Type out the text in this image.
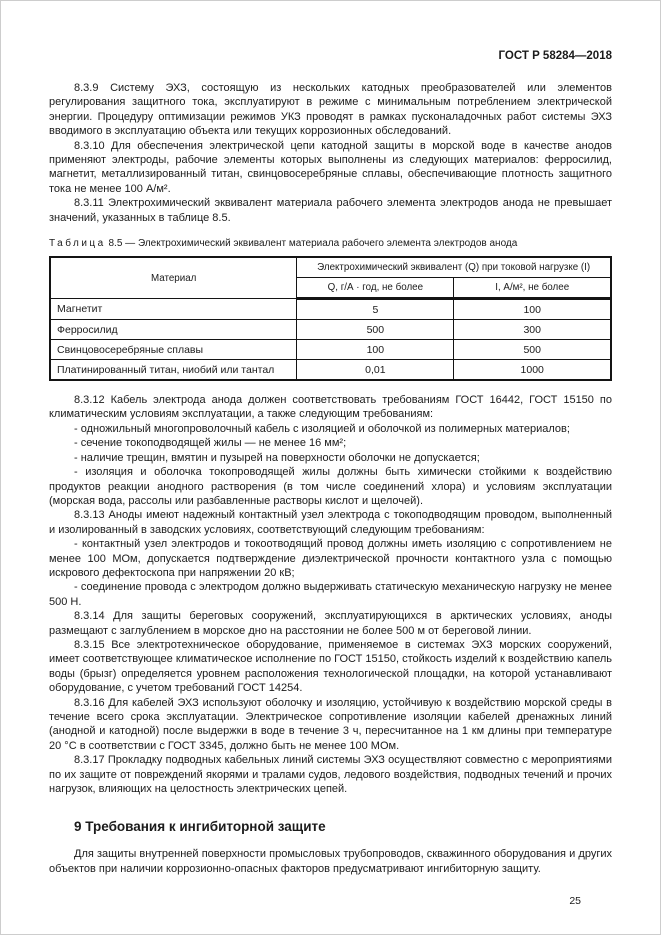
ГОСТ Р 58284—2018

8.3.9 Систему ЭХЗ, состоящую из нескольких катодных преобразователей или элементов регулирования защитного тока, эксплуатируют в режиме с минимальным потреблением электрической энергии. Процедуру оптимизации режимов УКЗ проводят в рамках пусконаладочных работ системы ЭХЗ вводимого в эксплуатацию объекта или текущих коррозионных обследований.

8.3.10 Для обеспечения электрической цепи катодной защиты в морской воде в качестве анодов применяют электроды, рабочие элементы которых выполнены из следующих материалов: ферросилид, магнетит, металлизированный титан, свинцовосеребряные сплавы, обеспечивающие плотность защитного тока не менее 100 А/м².

8.3.11 Электрохимический эквивалент материала рабочего элемента электродов анода не превышает значений, указанных в таблице 8.5.

Таблица 8.5 — Электрохимический эквивалент материала рабочего элемента электродов анода

Материал	Электрохимический эквивалент (Q) при токовой нагрузке (I)	
	Q, г/А · год, не более	I, А/м², не более
Магнетит	5	100
Ферросилид	500	300
Свинцовосеребряные сплавы	100	500
Платинированный титан, ниобий или тантал	0,01	1000

8.3.12 Кабель электрода анода должен соответствовать требованиям ГОСТ 16442, ГОСТ 15150 по климатическим условиям эксплуатации, а также следующим требованиям:

- одножильный многопроволочный кабель с изоляцией и оболочкой из полимерных материалов;

- сечение токоподводящей жилы — не менее 16 мм²;

- наличие трещин, вмятин и пузырей на поверхности оболочки не допускается;

- изоляция и оболочка токопроводящей жилы должны быть химически стойкими к воздействию продуктов реакции анодного растворения (в том числе соединений хлора) и условиям эксплуатации (морская вода, рассолы или разбавленные растворы кислот и щелочей).

8.3.13 Аноды имеют надежный контактный узел электрода с токоподводящим проводом, выполненный и изолированный в заводских условиях, соответствующий следующим требованиям:

- контактный узел электродов и токоотводящий провод должны иметь изоляцию с сопротивлением не менее 100 МОм, допускается подтверждение диэлектрической прочности контактного узла с помощью искрового дефектоскопа при напряжении 20 кВ;

- соединение провода с электродом должно выдерживать статическую механическую нагрузку не менее 500 Н.

8.3.14 Для защиты береговых сооружений, эксплуатирующихся в арктических условиях, аноды размещают с заглублением в морское дно на расстоянии не более 500 м от береговой линии.

8.3.15 Все электротехническое оборудование, применяемое в системах ЭХЗ морских сооружений, имеет соответствующее климатическое исполнение по ГОСТ 15150, стойкость изделий к воздействию капель воды (брызг) определяется уровнем расположения технологической площадки, на которой устанавливают оборудование, с учетом требований ГОСТ 14254.

8.3.16 Для кабелей ЭХЗ используют оболочку и изоляцию, устойчивую к воздействию морской среды в течение всего срока эксплуатации. Электрическое сопротивление изоляции кабелей дренажных линий (анодной и катодной) после выдержки в воде в течение 3 ч, пересчитанное на 1 км длины при температуре 20 °С в соответствии с ГОСТ 3345, должно быть не менее 100 МОм.

8.3.17 Прокладку подводных кабельных линий системы ЭХЗ осуществляют совместно с мероприятиями по их защите от повреждений якорями и тралами судов, ледового воздействия, подводных течений и прочих нагрузок, влияющих на целостность электрических цепей.

9 Требования к ингибиторной защите

Для защиты внутренней поверхности промысловых трубопроводов, скважинного оборудования и других объектов при наличии коррозионно-опасных факторов предусматривают ингибиторную защиту.

25
